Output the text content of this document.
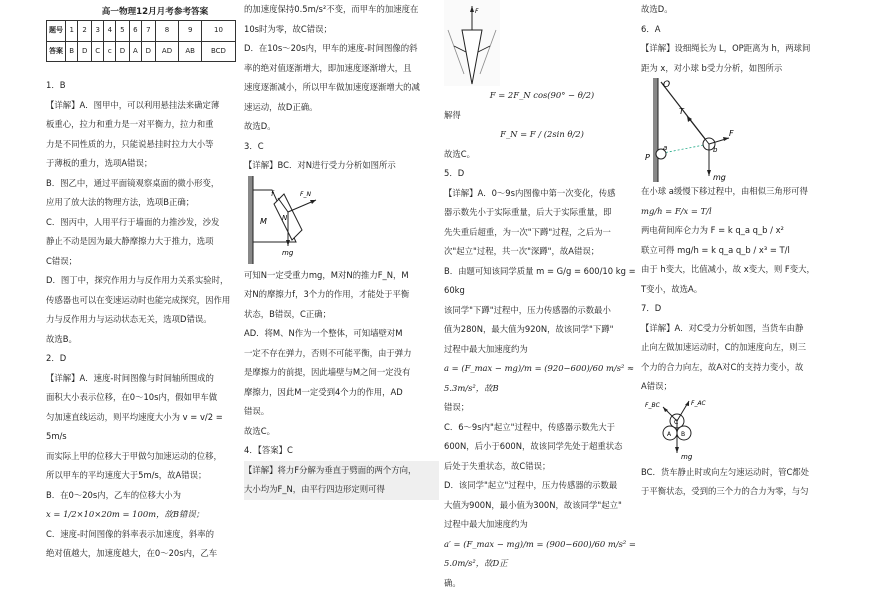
高一物理12月月考参考答案

题号	1	2	3	4	5	6	7	8	9	10
答案	B	D	C	c	D	A	D	AD	AB	BCD

1．B

【详解】A．图甲中，可以利用悬挂法来确定薄

板重心，拉力和重力是一对平衡力，拉力和重

力是不同性质的力，只能说悬挂时拉力大小等

于薄板的重力，选项A错误；

B．图乙中，通过平面镜观察桌面的微小形变，

应用了放大法的物理方法，选项B正确；

C．图丙中，人用平行于墙面的力推沙发，沙发

静止不动是因为最大静摩擦力大于推力，选项

C错误；

D．图丁中，探究作用力与反作用力关系实验时，

传感器也可以在变速运动时也能完成探究，因作用

力与反作用力与运动状态无关，选项D错误。

故选B。

2．D

【详解】A．速度-时间图像与时间轴所围成的

面积大小表示位移，在0～10s内，假如甲车做

匀加速直线运动，则平均速度大小为 v = v/2 = 5m/s

而实际上甲的位移大于甲做匀加速运动的位移，

所以甲车的平均速度大于5m/s，故A错误；

B．在0～20s内，乙车的位移大小为

x = 1/2×10×20m = 100m，故B错误；

C．速度-时间图像的斜率表示加速度，斜率的

绝对值越大，加速度越大，在0～20s内，乙车

的加速度保持0.5m/s²不变，而甲车的加速度在

10s时为零，故C错误；

D．在10s～20s内，甲车的速度-时间图像的斜

率的绝对值逐渐增大，即加速度逐渐增大，且

速度逐渐减小，所以甲车做加速度逐渐增大的减

速运动，故D正确。

故选D。

3．C

【详解】BC．对N进行受力分析如图所示

f	F_N
M N
mg

可知N一定受重力mg，M对N的推力F_N，M

对N的摩擦力f，3个力的作用，才能处于平衡

状态，B错误，C正确；

AD．将M、N作为一个整体，可知墙壁对M

一定不存在弹力，否则不可能平衡，由于弹力

是摩擦力的前提，因此墙壁与M之间一定没有

摩擦力，因此M一定受到4个力的作用，AD

错误。

故选C。

4．【答案】C

【详解】将力F分解为垂直于劈面的两个方向，

大小均为F_N，由平行四边形定则可得

F

F = 2F_N cos(90° − θ/2)

解得

F_N = F / (2sin θ/2)

故选C。

5．D

【详解】A．0～9s内图像中第一次变化，传感

器示数先小于实际重量，后大于实际重量，即

先失重后超重，为一次"下蹲"过程，之后为一

次"起立"过程，共一次"深蹲"，故A错误；

B．由题可知该同学质量 m = G/g = 600/10 kg = 60kg

该同学"下蹲"过程中，压力传感器的示数最小

值为280N，最大值为920N，故该同学"下蹲"

过程中最大加速度约为

a = (F_max − mg)/m = (920−600)/60 m/s² ≈ 5.3m/s²，故B

错误；

C．6～9s内"起立"过程中，传感器示数先大于

600N，后小于600N，故该同学先处于超重状态

后处于失重状态，故C错误；

D．该同学"起立"过程中，压力传感器的示数最

大值为900N，最小值为300N，故该同学"起立"

过程中最大加速度约为

a′ = (F_max − mg)/m = (900−600)/60 m/s² = 5.0m/s²，故D正

确。

故选D。

6．A

【详解】设细绳长为 L，OP距离为 h，两球间

距为 x，对小球 b受力分析，如图所示

O
T
F
P
a	b
mg

在小球 a缓慢下移过程中，由相似三角形可得

mg/h = F/x = T/l

两电荷间库仑力为 F = k q_a q_b / x²

联立可得 mg/h = k q_a q_b / x³ = T/l

由于 h变大，比值减小，故 x变大，则 F变大，

T变小，故选A。

7．D

【详解】A．对C受力分析如图，当货车由静

止向左做加速运动时，C的加速度向左，则三

个力的合力向左，故A对C的支持力变小，故

A错误；

F_AC
F_BC
A B
C
mg

BC．货车静止时或向左匀速运动时，管C都处

于平衡状态，受到的三个力的合力为零，与匀
